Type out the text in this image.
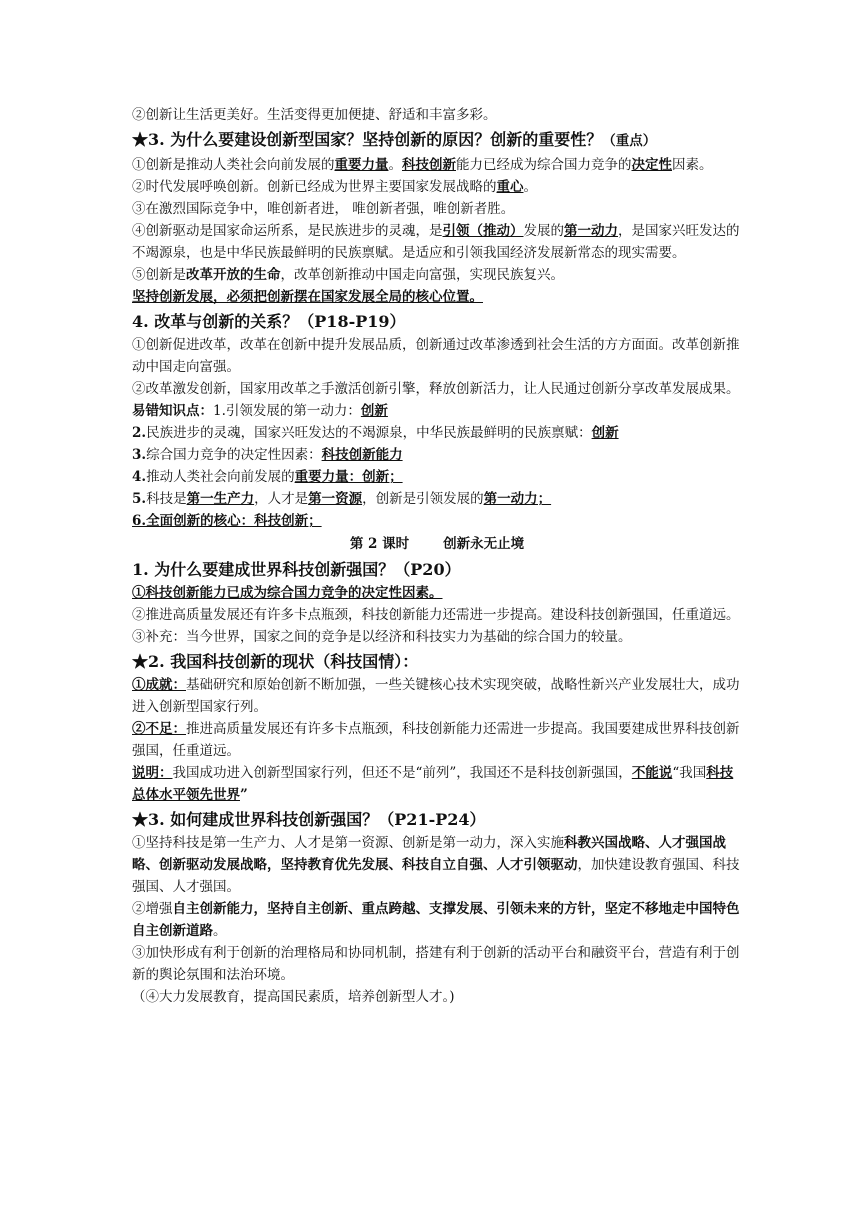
②创新让生活更美好。生活变得更加便捷、舒适和丰富多彩。
★3. 为什么要建设创新型国家？坚持创新的原因？创新的重要性？（重点）
①创新是推动人类社会向前发展的重要力量。科技创新能力已经成为综合国力竞争的决定性因素。
②时代发展呼唤创新。创新已经成为世界主要国家发展战略的重心。
③在激烈国际竞争中，唯创新者进， 唯创新者强，唯创新者胜。
④创新驱动是国家命运所系，是民族进步的灵魂，是引领（推动）发展的第一动力，是国家兴旺发达的不竭源泉，也是中华民族最鲜明的民族禀赋。是适应和引领我国经济发展新常态的现实需要。
⑤创新是改革开放的生命，改革创新推动中国走向富强，实现民族复兴。
坚持创新发展，必须把创新摆在国家发展全局的核心位置。
4. 改革与创新的关系？（P18-P19）
①创新促进改革，改革在创新中提升发展品质，创新通过改革渗透到社会生活的方方面面。改革创新推动中国走向富强。
②改革激发创新，国家用改革之手激活创新引擎，释放创新活力，让人民通过创新分享改革发展成果。
易错知识点：1.引领发展的第一动力：创新
2.民族进步的灵魂，国家兴旺发达的不竭源泉，中华民族最鲜明的民族禀赋：创新
3.综合国力竞争的决定性因素：科技创新能力
4.推动人类社会向前发展的重要力量：创新；
5.科技是第一生产力，人才是第一资源，创新是引领发展的第一动力；
6.全面创新的核心：科技创新；
第 2 课时	创新永无止境
1. 为什么要建成世界科技创新强国？（P20）
①科技创新能力已成为综合国力竞争的决定性因素。
②推进高质量发展还有许多卡点瓶颈，科技创新能力还需进一步提高。建设科技创新强国，任重道远。
③补充：当今世界，国家之间的竞争是以经济和科技实力为基础的综合国力的较量。
★2. 我国科技创新的现状（科技国情）：
①成就：基础研究和原始创新不断加强，一些关键核心技术实现突破，战略性新兴产业发展壮大，成功进入创新型国家行列。
②不足：推进高质量发展还有许多卡点瓶颈，科技创新能力还需进一步提高。我国要建成世界科技创新强国，任重道远。
说明：我国成功进入创新型国家行列，但还不是“前列”，我国还不是科技创新强国，不能说“我国科技总体水平领先世界”
★3. 如何建成世界科技创新强国？（P21-P24）
①坚持科技是第一生产力、人才是第一资源、创新是第一动力，深入实施科教兴国战略、人才强国战略、创新驱动发展战略，坚持教育优先发展、科技自立自强、人才引领驱动，加快建设教育强国、科技强国、人才强国。
②增强自主创新能力，坚持自主创新、重点跨越、支撑发展、引领未来的方针，坚定不移地走中国特色自主创新道路。
③加快形成有利于创新的治理格局和协同机制，搭建有利于创新的活动平台和融资平台，营造有利于创新的舆论氛围和法治环境。
（④大力发展教育，提高国民素质，培养创新型人才。)
